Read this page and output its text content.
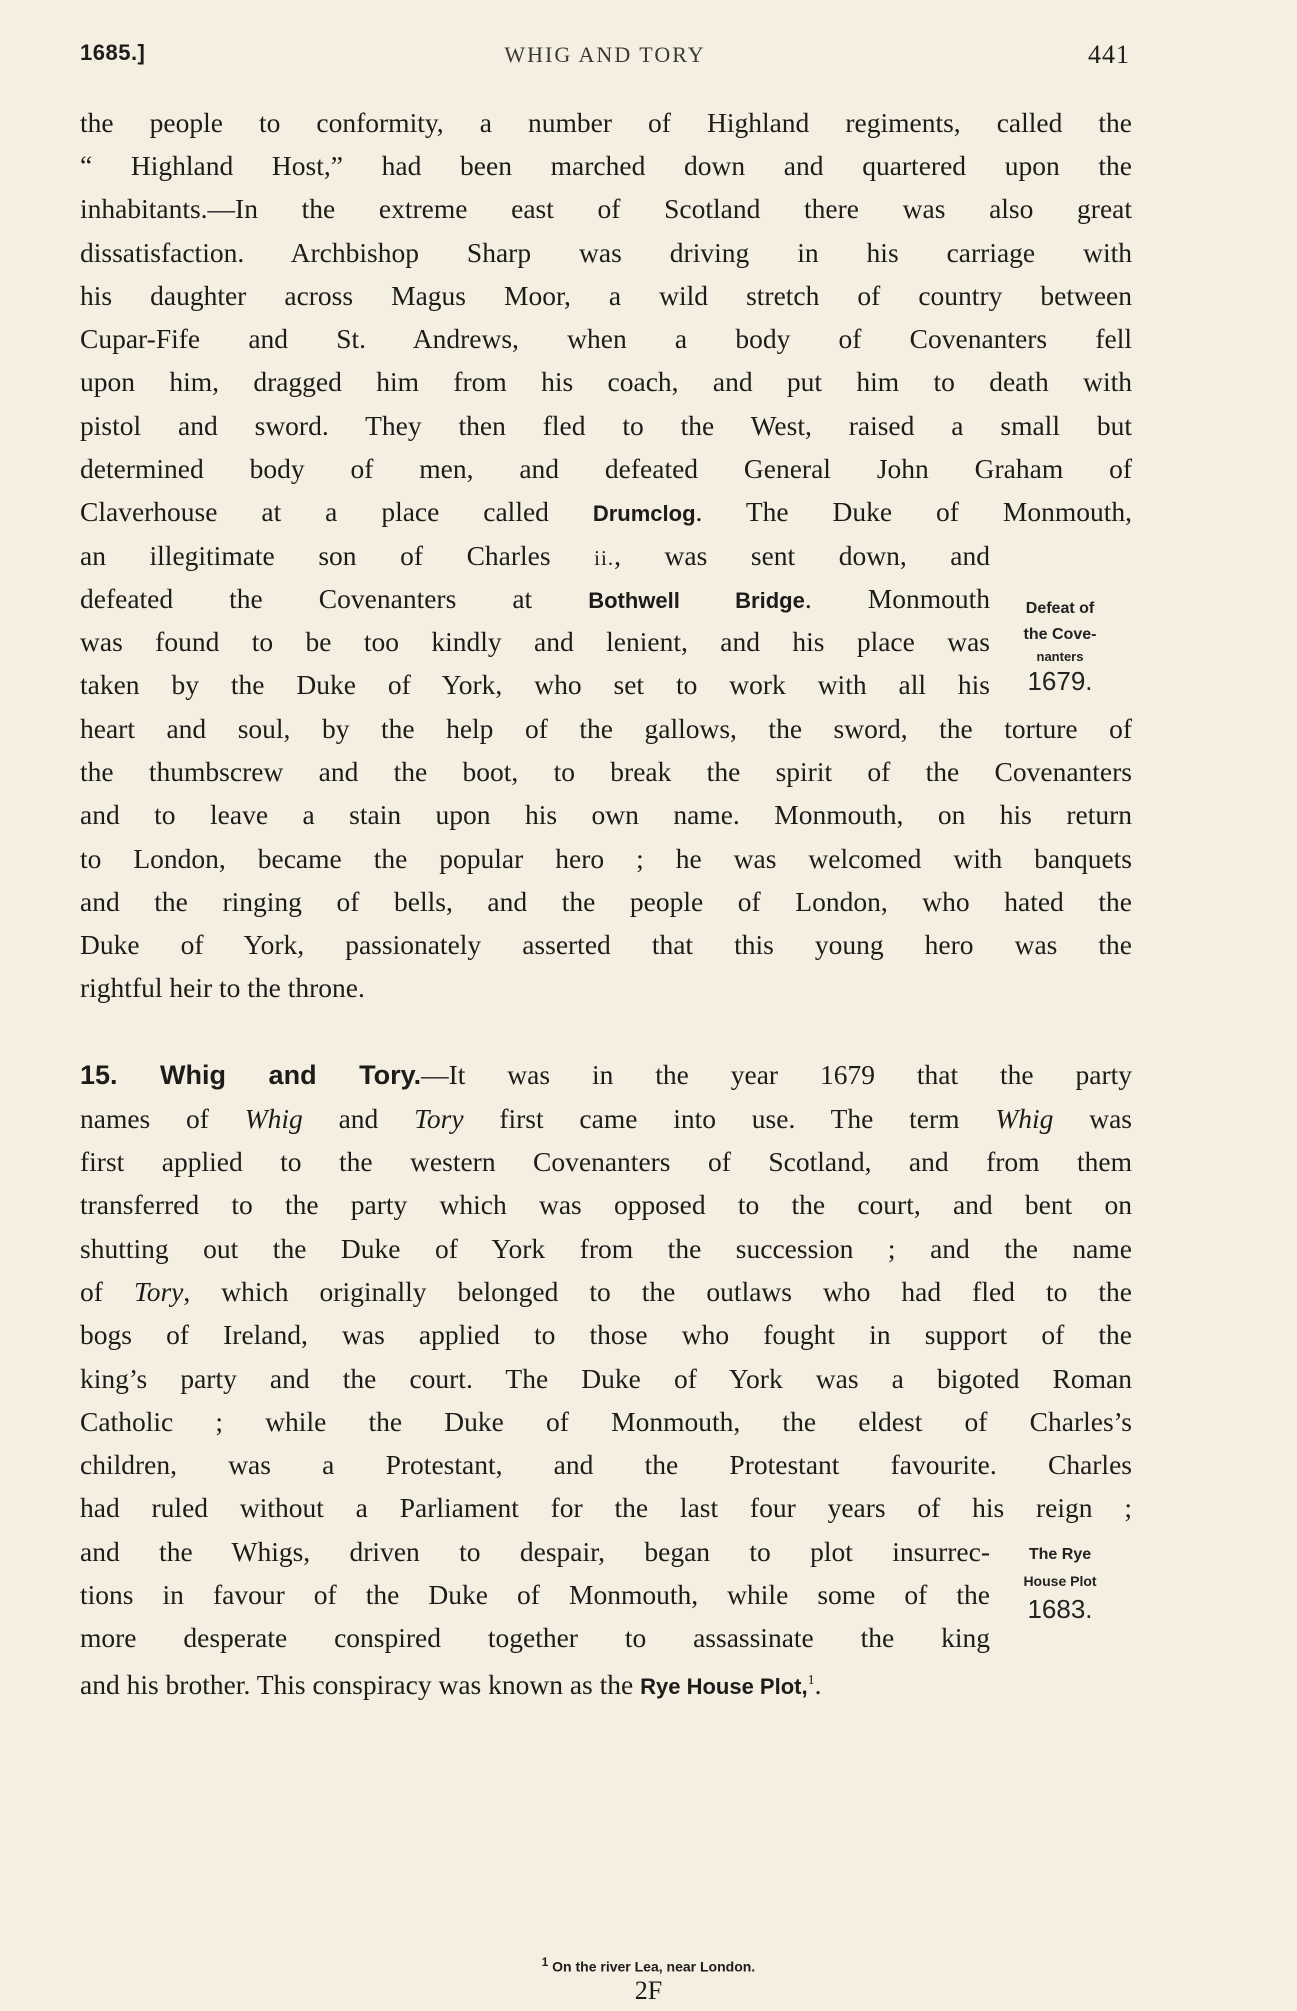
1685.]	WHIG AND TORY	441
the people to conformity, a number of Highland regiments, called the
“ Highland Host,” had been marched down and quartered upon the
inhabitants.—In the extreme east of Scotland there was also great
dissatisfaction. Archbishop Sharp was driving in his carriage with
his daughter across Magus Moor, a wild stretch of country between
Cupar-Fife and St. Andrews, when a body of Covenanters fell
upon him, dragged him from his coach, and put him to death with
pistol and sword. They then fled to the West, raised a small but
determined body of men, and defeated General John Graham of
Claverhouse at a place called Drumclog. The Duke of Monmouth,
an illegitimate son of Charles ii., was sent down, and
defeated the Covenanters at Bothwell Bridge. Monmouth
was found to be too kindly and lenient, and his place was
taken by the Duke of York, who set to work with all his
heart and soul, by the help of the gallows, the sword, the torture of
the thumbscrew and the boot, to break the spirit of the Covenanters
and to leave a stain upon his own name. Monmouth, on his return
to London, became the popular hero ; he was welcomed with banquets
and the ringing of bells, and the people of London, who hated the
Duke of York, passionately asserted that this young hero was the
rightful heir to the throne.
Defeat of
the Cove-
nanters
1679.
15. Whig and Tory.—It was in the year 1679 that the party
names of Whig and Tory first came into use. The term Whig was
first applied to the western Covenanters of Scotland, and from them
transferred to the party which was opposed to the court, and bent on
shutting out the Duke of York from the succession ; and the name
of Tory, which originally belonged to the outlaws who had fled to the
bogs of Ireland, was applied to those who fought in support of the
king’s party and the court. The Duke of York was a bigoted Roman
Catholic ; while the Duke of Monmouth, the eldest of Charles’s
children, was a Protestant, and the Protestant favourite. Charles
had ruled without a Parliament for the last four years of his reign ;
and the Whigs, driven to despair, began to plot insurrec-
tions in favour of the Duke of Monmouth, while some of the
more desperate conspired together to assassinate the king
and his brother. This conspiracy was known as the Rye House Plot,$^1$.
The Rye
House Plot
1683.
$^1$ On the river Lea, near London.
2F
